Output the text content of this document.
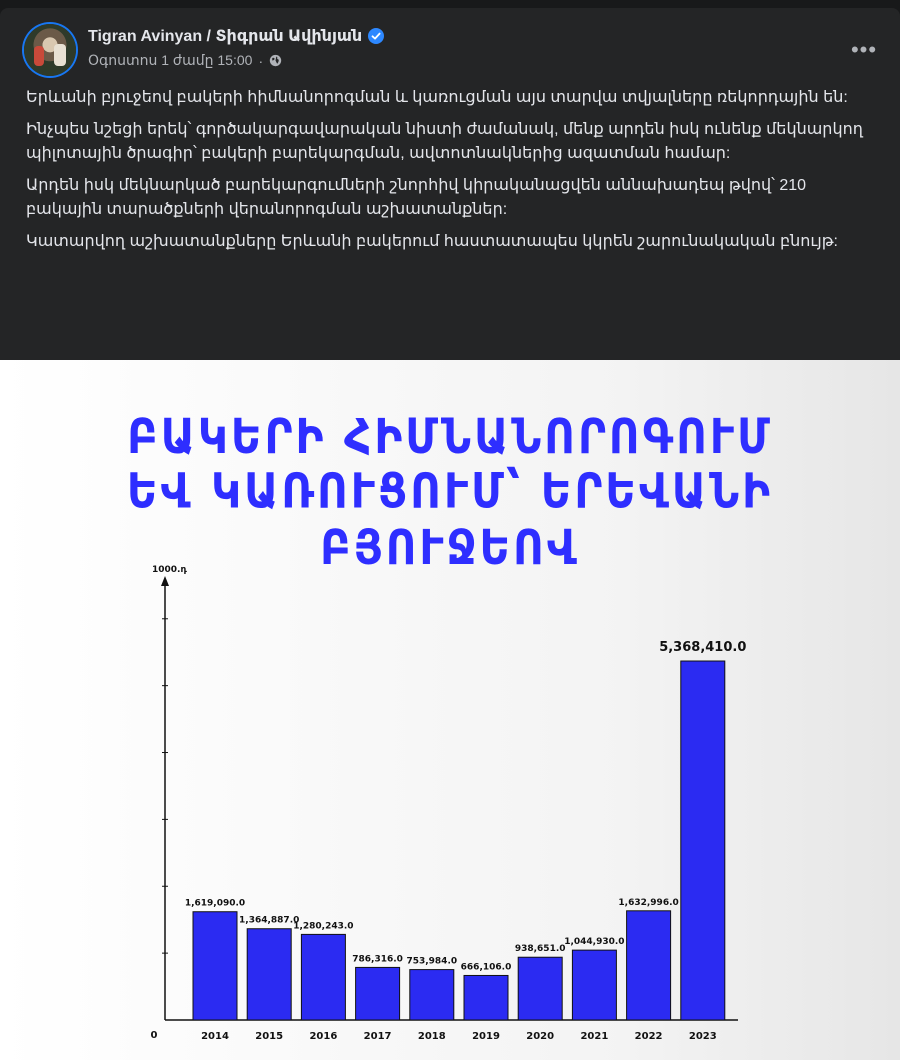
Tigran Avinyan / Տիգրան Ավինյան
Օգոստոս 1 ժամը 15:00 ·	•••

Երևանի բյուջեով բակերի հիմնանորոգման և կառուցման այս տարվա տվյալները ռեկորդային են:

Ինչպես նշեցի երեկ՝ գործակարգավարական նիստի ժամանակ, մենք արդեն իսկ ունենք մեկնարկող պիլոտային ծրագիր՝ բակերի բարեկարգման, ավտոտնակներից ազատման համար:

Արդեն իսկ մեկնարկած բարեկարգումների շնորհիվ կիրականացվեն աննախադեպ թվով՝ 210 բակային տարածքների վերանորոգման աշխատանքներ:

Կատարվող աշխատանքները Երևանի բակերում հաստատապես կկրեն շարունակական բնույթ:

ԲԱԿԵՐԻ ՀԻՄՆԱՆՈՐՈԳՈՒՄ
ԵՎ ԿԱՌՈՒՑՈՒՄ՝ ԵՐԵՎԱՆԻ ԲՅՈՒՋԵՈՎ
1000.դ
0
1,619,090.0
2014
1,364,887.0
2015
1,280,243.0
2016
786,316.0
2017
753,984.0
2018
666,106.0
2019
938,651.0
2020
1,044,930.0
2021
1,632,996.0
2022
5,368,410.0
2023
